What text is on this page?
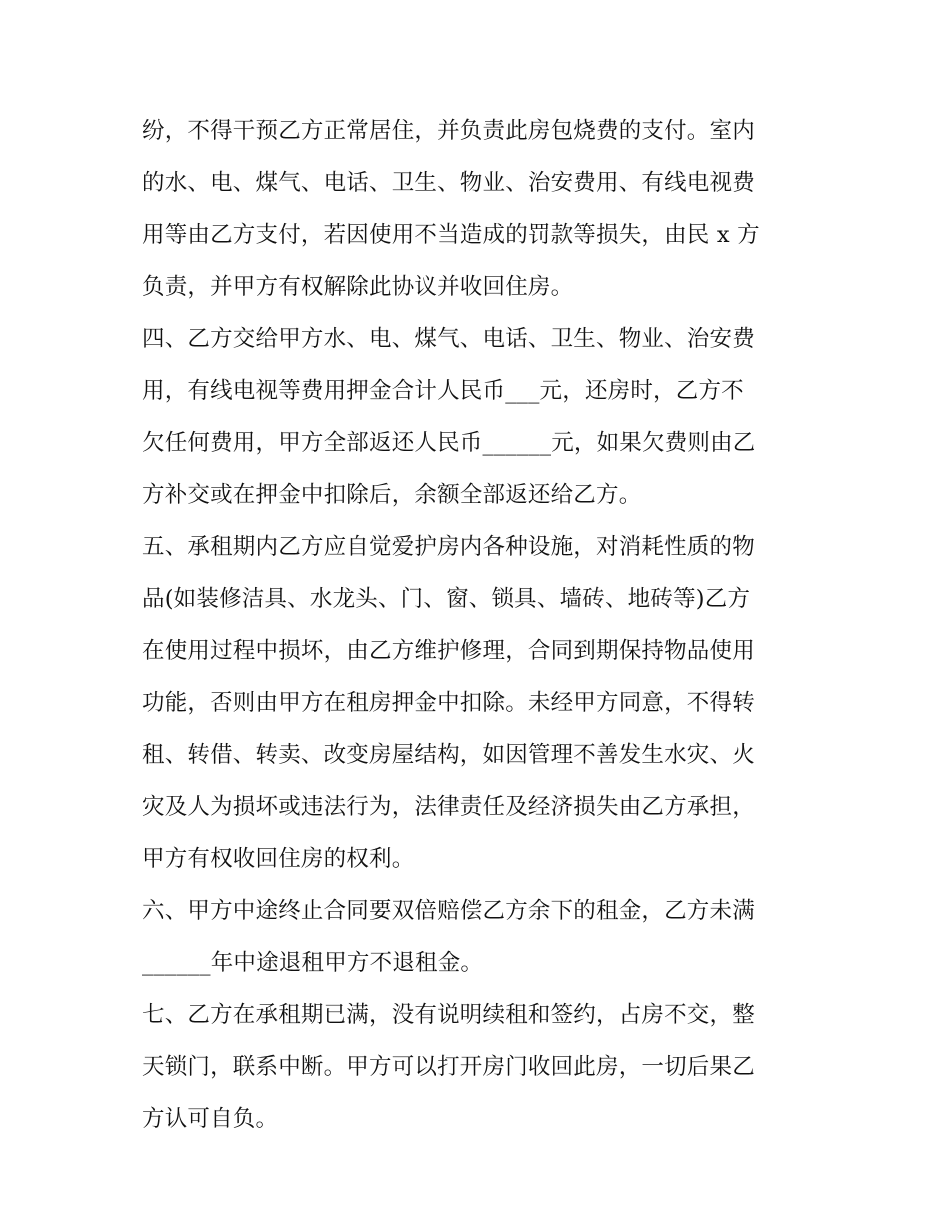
纷，不得干预乙方正常居住，并负责此房包烧费的支付。室内
的水、电、煤气、电话、卫生、物业、治安费用、有线电视费
用等由乙方支付，若因使用不当造成的罚款等损失，由民 x 方
负责，并甲方有权解除此协议并收回住房。
四、乙方交给甲方水、电、煤气、电话、卫生、物业、治安费
用，有线电视等费用押金合计人民币___元，还房时，乙方不
欠任何费用，甲方全部返还人民币______元，如果欠费则由乙
方补交或在押金中扣除后，余额全部返还给乙方。
五、承租期内乙方应自觉爱护房内各种设施，对消耗性质的物
品(如装修洁具、水龙头、门、窗、锁具、墙砖、地砖等)乙方
在使用过程中损坏，由乙方维护修理，合同到期保持物品使用
功能，否则由甲方在租房押金中扣除。未经甲方同意，不得转
租、转借、转卖、改变房屋结构，如因管理不善发生水灾、火
灾及人为损坏或违法行为，法律责任及经济损失由乙方承担，
甲方有权收回住房的权利。
六、甲方中途终止合同要双倍赔偿乙方余下的租金，乙方未满
______年中途退租甲方不退租金。
七、乙方在承租期已满，没有说明续租和签约，占房不交，整
天锁门，联系中断。甲方可以打开房门收回此房，一切后果乙
方认可自负。
